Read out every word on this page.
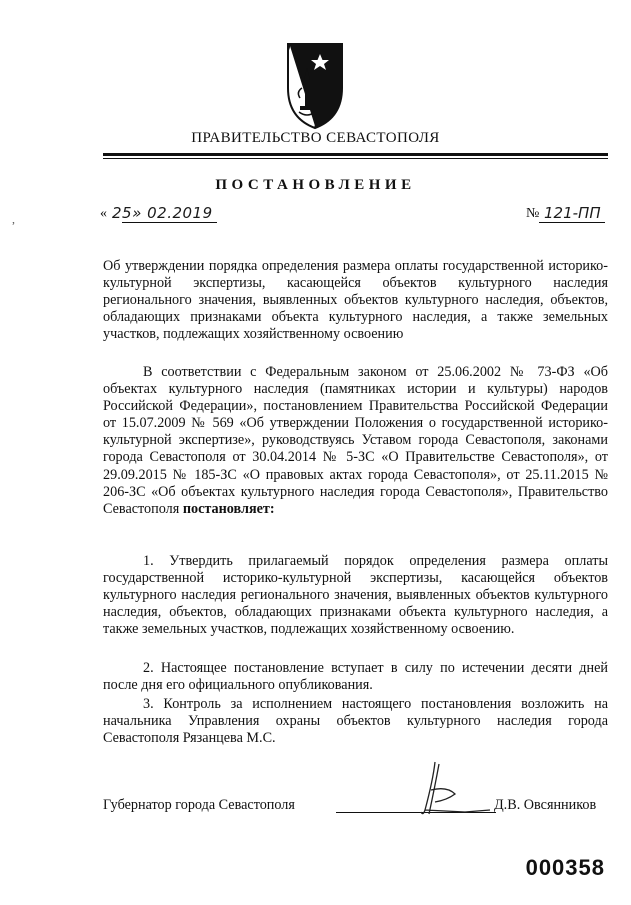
ПРАВИТЕЛЬСТВО СЕВАСТОПОЛЯ
ПОСТАНОВЛЕНИЕ
,	« 25» 02.2019	№ 121-ПП
Об утверждении порядка определения размера оплаты государственной историко-культурной экспертизы, касающейся объектов культурного наследия регионального значения, выявленных объектов культурного наследия, объектов, обладающих признаками объекта культурного наследия, а также земельных участков, подлежащих хозяйственному освоению
В соответствии с Федеральным законом от 25.06.2002 № 73-ФЗ «Об объектах культурного наследия (памятниках истории и культуры) народов Российской Федерации», постановлением Правительства Российской Федерации от 15.07.2009 № 569 «Об утверждении Положения о государственной историко-культурной экспертизе», руководствуясь Уставом города Севастополя, законами города Севастополя от 30.04.2014 № 5-ЗС «О Правительстве Севастополя», от 29.09.2015 № 185-ЗС «О правовых актах города Севастополя», от 25.11.2015 № 206-ЗС «Об объектах культурного наследия города Севастополя», Правительство Севастополя постановляет:
1. Утвердить прилагаемый порядок определения размера оплаты государственной историко-культурной экспертизы, касающейся объектов культурного наследия регионального значения, выявленных объектов культурного наследия, объектов, обладающих признаками объекта культурного наследия, а также земельных участков, подлежащих хозяйственному освоению.
2. Настоящее постановление вступает в силу по истечении десяти дней после дня его официального опубликования.
3. Контроль за исполнением настоящего постановления возложить на начальника Управления охраны объектов культурного наследия города Севастополя Рязанцева М.С.
Губернатор города Севастополя	Д.В. Овсянников
000358
